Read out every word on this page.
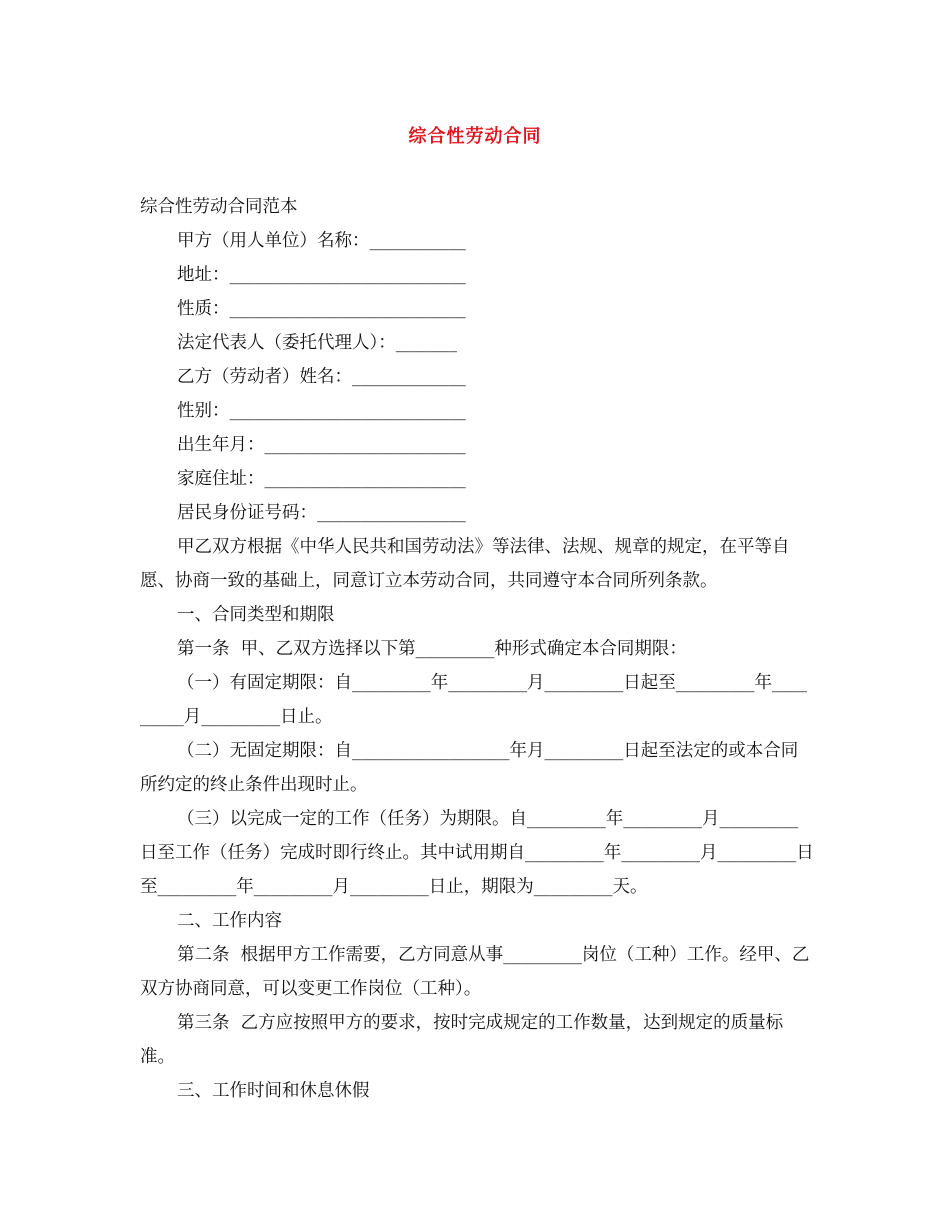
综合性劳动合同

综合性劳动合同范本

甲方（用人单位）名称：___________

地址：___________________________

性质：___________________________

法定代表人（委托代理人）：_______

乙方（劳动者）姓名：_____________

性别：___________________________

出生年月：_______________________

家庭住址：_______________________

居民身份证号码：_________________

甲乙双方根据《中华人民共和国劳动法》等法律、法规、规章的规定，在平等自愿、协商一致的基础上，同意订立本劳动合同，共同遵守本合同所列条款。

一、合同类型和期限

第一条  甲、乙双方选择以下第_________种形式确定本合同期限：

（一）有固定期限：自_________年_________月_________日起至_________年_________月_________日止。

（二）无固定期限：自__________________年月_________日起至法定的或本合同所约定的终止条件出现时止。

（三）以完成一定的工作（任务）为期限。自_________年_________月_________日至工作（任务）完成时即行终止。其中试用期自_________年_________月_________日至_________年_________月_________日止，期限为_________天。

二、工作内容

第二条  根据甲方工作需要，乙方同意从事_________岗位（工种）工作。经甲、乙双方协商同意，可以变更工作岗位（工种）。

第三条  乙方应按照甲方的要求，按时完成规定的工作数量，达到规定的质量标准。

三、工作时间和休息休假
